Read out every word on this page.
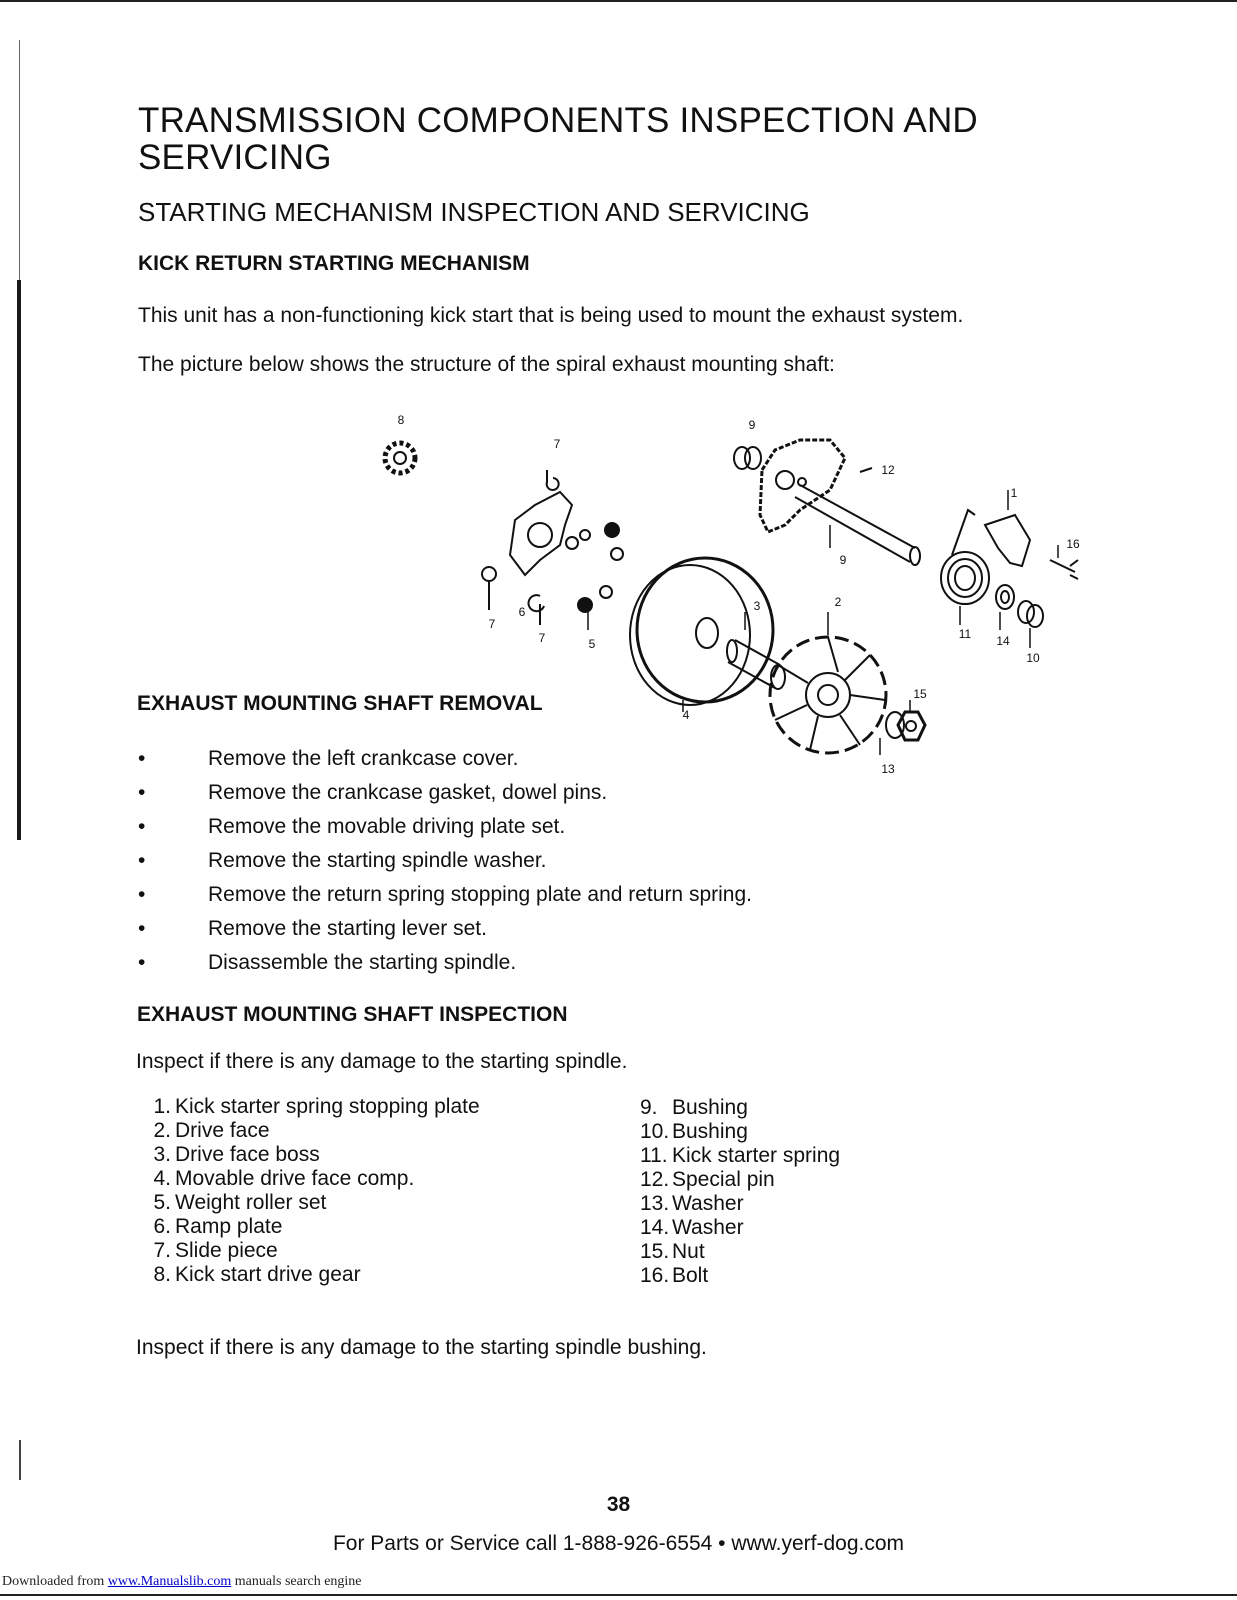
TRANSMISSION COMPONENTS INSPECTION AND SERVICING
STARTING MECHANISM INSPECTION AND SERVICING
KICK RETURN STARTING MECHANISM

This unit has a non-functioning kick start that is being used to mount the exhaust system.

The picture below shows the structure of the spiral exhaust mounting shaft:

8
7
9
12
1
16
9
7
6
7	5
3	2
11 14
10
4
15
13
EXHAUST MOUNTING SHAFT REMOVAL
•	Remove the left crankcase cover.
•	Remove the crankcase gasket, dowel pins.
•	Remove the movable driving plate set.
•	Remove the starting spindle washer.
•	Remove the return spring stopping plate and return spring.
•	Remove the starting lever set.
•	Disassemble the starting spindle.
EXHAUST MOUNTING SHAFT INSPECTION

Inspect if there is any damage to the starting spindle.

1. Kick starter spring stopping plate
2. Drive face
3. Drive face boss
4. Movable drive face comp.
5. Weight roller set
6. Ramp plate
7. Slide piece
8. Kick start drive gear
9. Bushing
10. Bushing
11. Kick starter spring
12. Special pin
13. Washer
14. Washer
15. Nut
16. Bolt

Inspect if there is any damage to the starting spindle bushing.

38
For Parts or Service call 1-888-926-6554 • www.yerf-dog.com
Downloaded from www.Manualslib.com manuals search engine
